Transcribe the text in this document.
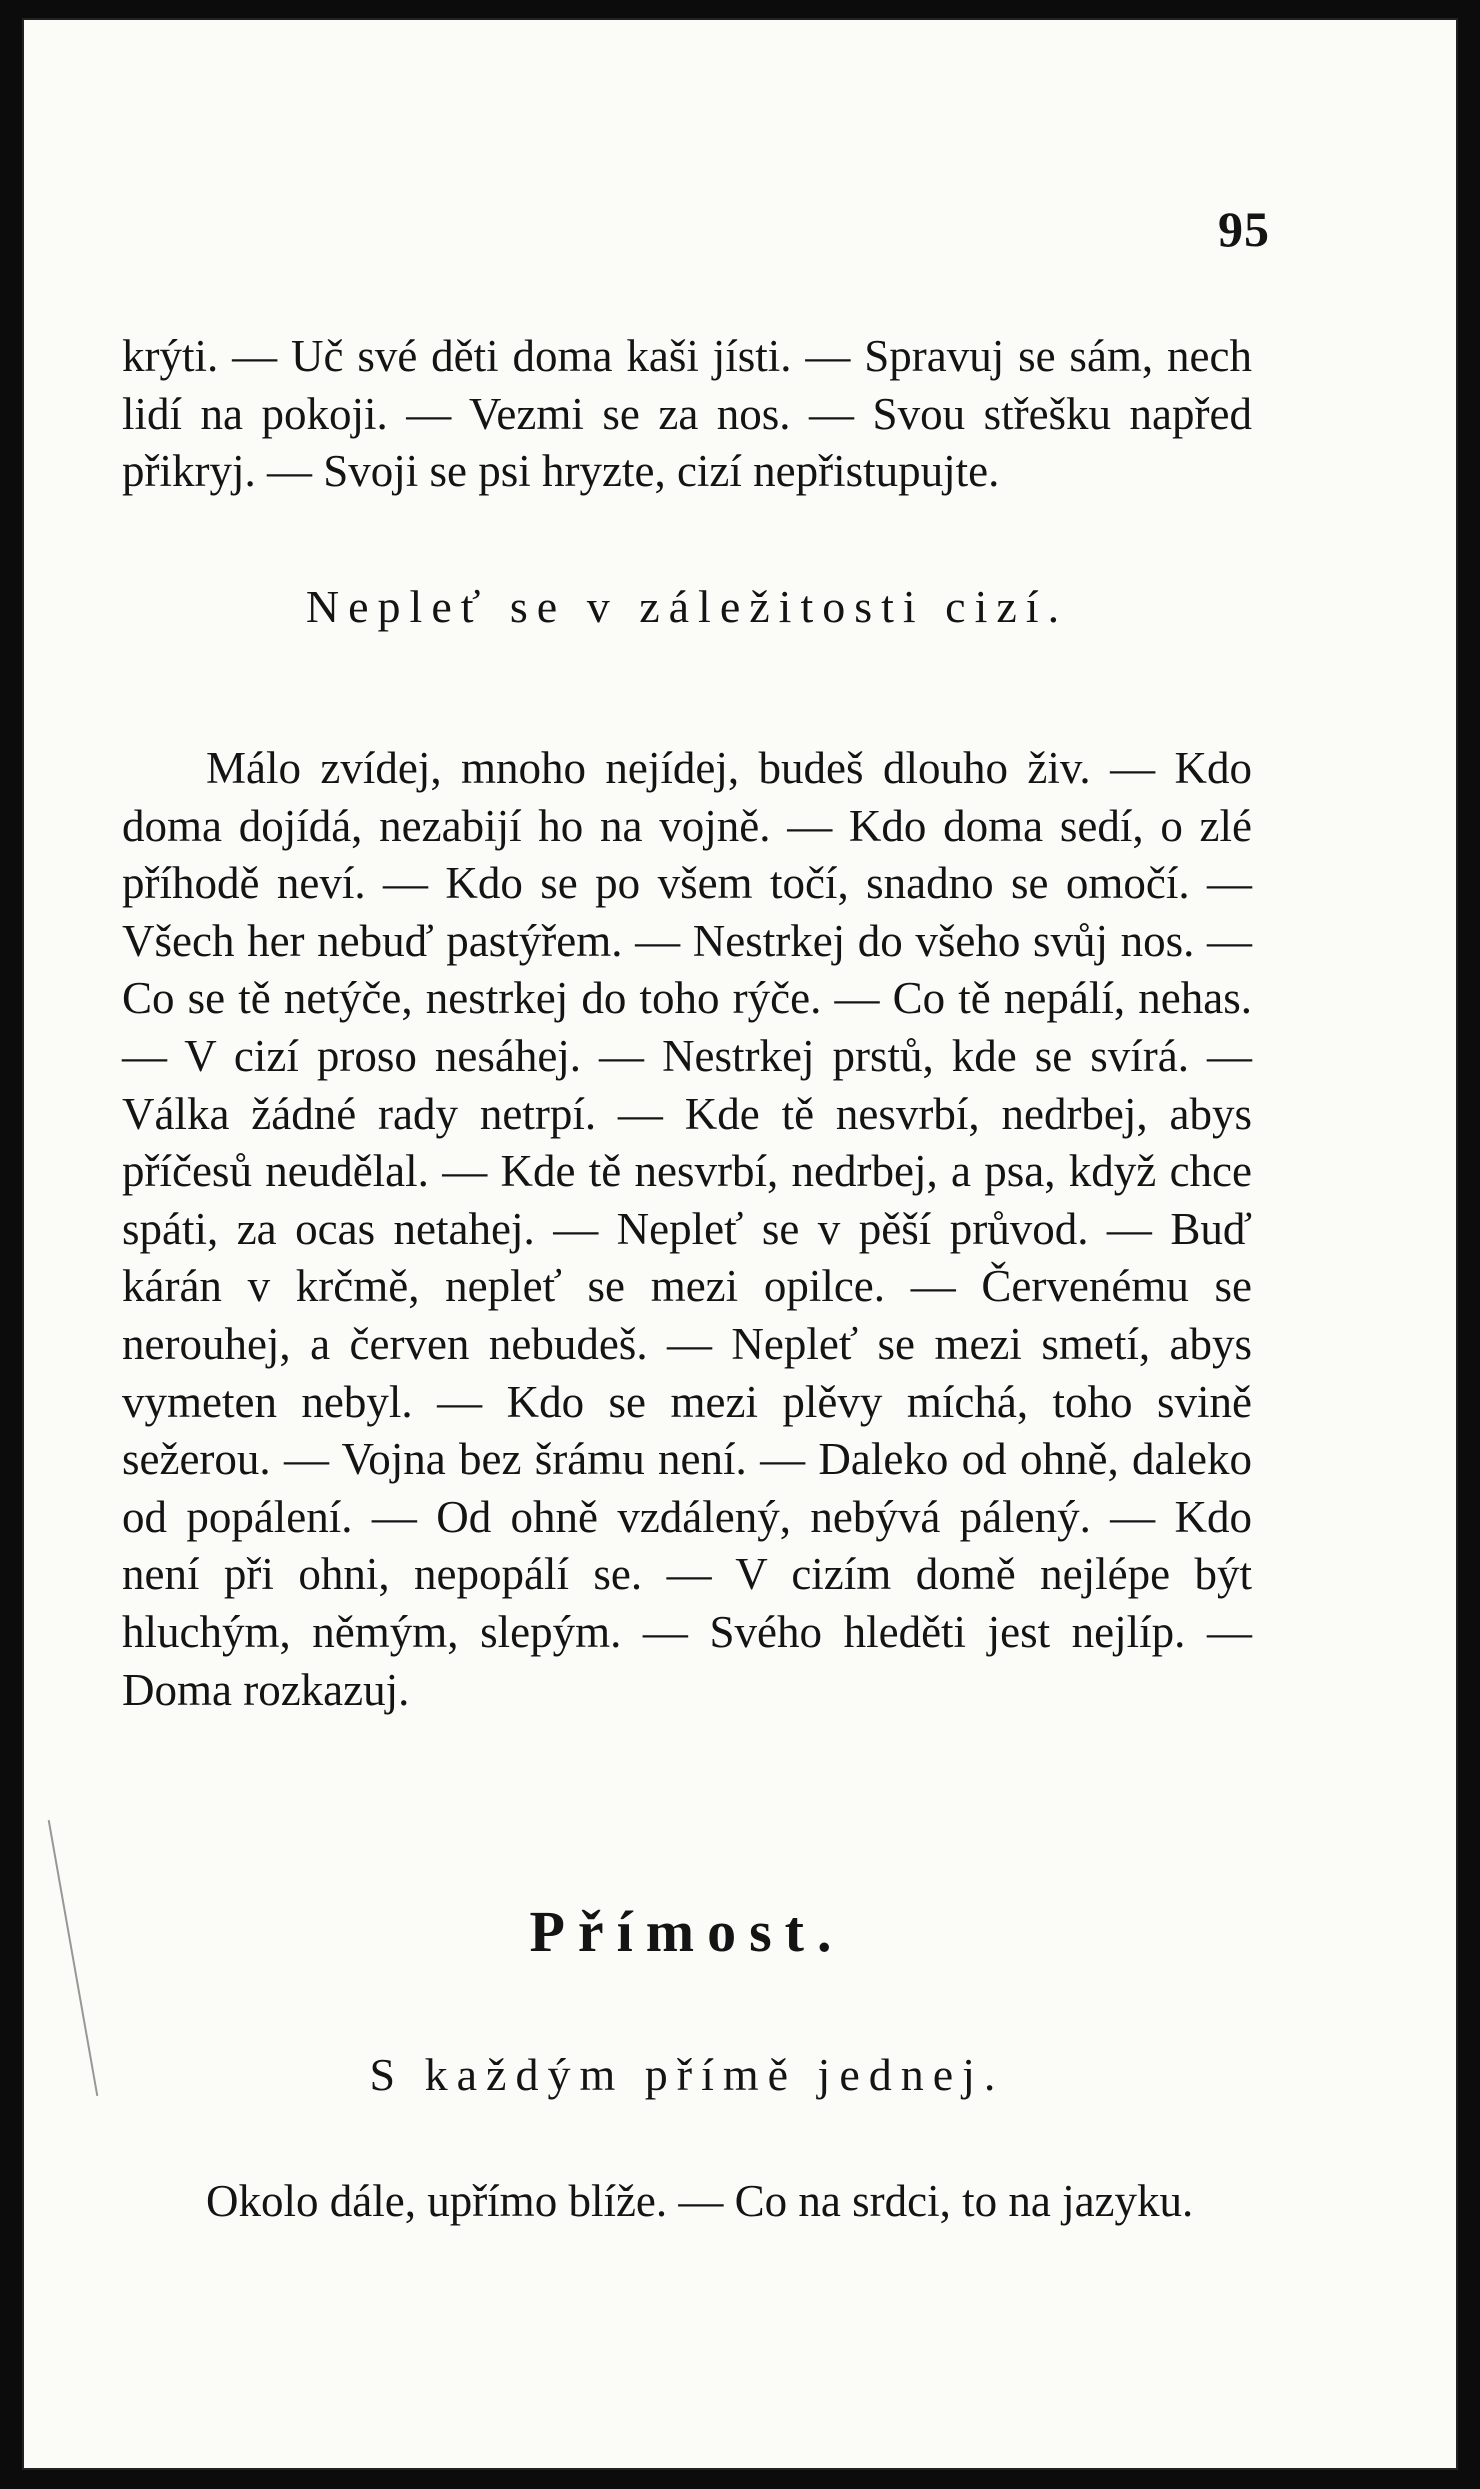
95

krýti. — Uč své děti doma kaši jísti. — Spravuj se sám, nech lidí na pokoji. — Vezmi se za nos. — Svou střešku napřed přikryj. — Svoji se psi hryzte, cizí nepřistupujte.

Nepleť se v záležitosti cizí.

Málo zvídej, mnoho nejídej, budeš dlouho živ. — Kdo doma dojídá, nezabijí ho na vojně. — Kdo doma sedí, o zlé příhodě neví. — Kdo se po všem točí, snadno se omočí. — Všech her nebuď pastýřem. — Nestrkej do všeho svůj nos. — Co se tě netýče, nestrkej do toho rýče. — Co tě nepálí, nehas. — V cizí proso nesáhej. — Nestrkej prstů, kde se svírá. — Válka žádné rady netrpí. — Kde tě nesvrbí, nedrbej, abys příčesů neudělal. — Kde tě nesvrbí, nedrbej, a psa, když chce spáti, za ocas netahej. — Nepleť se v pěší průvod. — Buď kárán v krčmě, nepleť se mezi opilce. — Červenému se nerouhej, a červen nebudeš. — Nepleť se mezi smetí, abys vymeten nebyl. — Kdo se mezi plěvy míchá, toho svině sežerou. — Vojna bez šrámu není. — Daleko od ohně, daleko od popálení. — Od ohně vzdálený, nebývá pálený. — Kdo není při ohni, nepopálí se. — V cizím domě nejlépe být hluchým, němým, slepým. — Svého hleděti jest nejlíp. — Doma rozkazuj.

Přímost.
S každým přímě jednej.

Okolo dále, upřímo blíže. — Co na srdci, to na jazyku.
